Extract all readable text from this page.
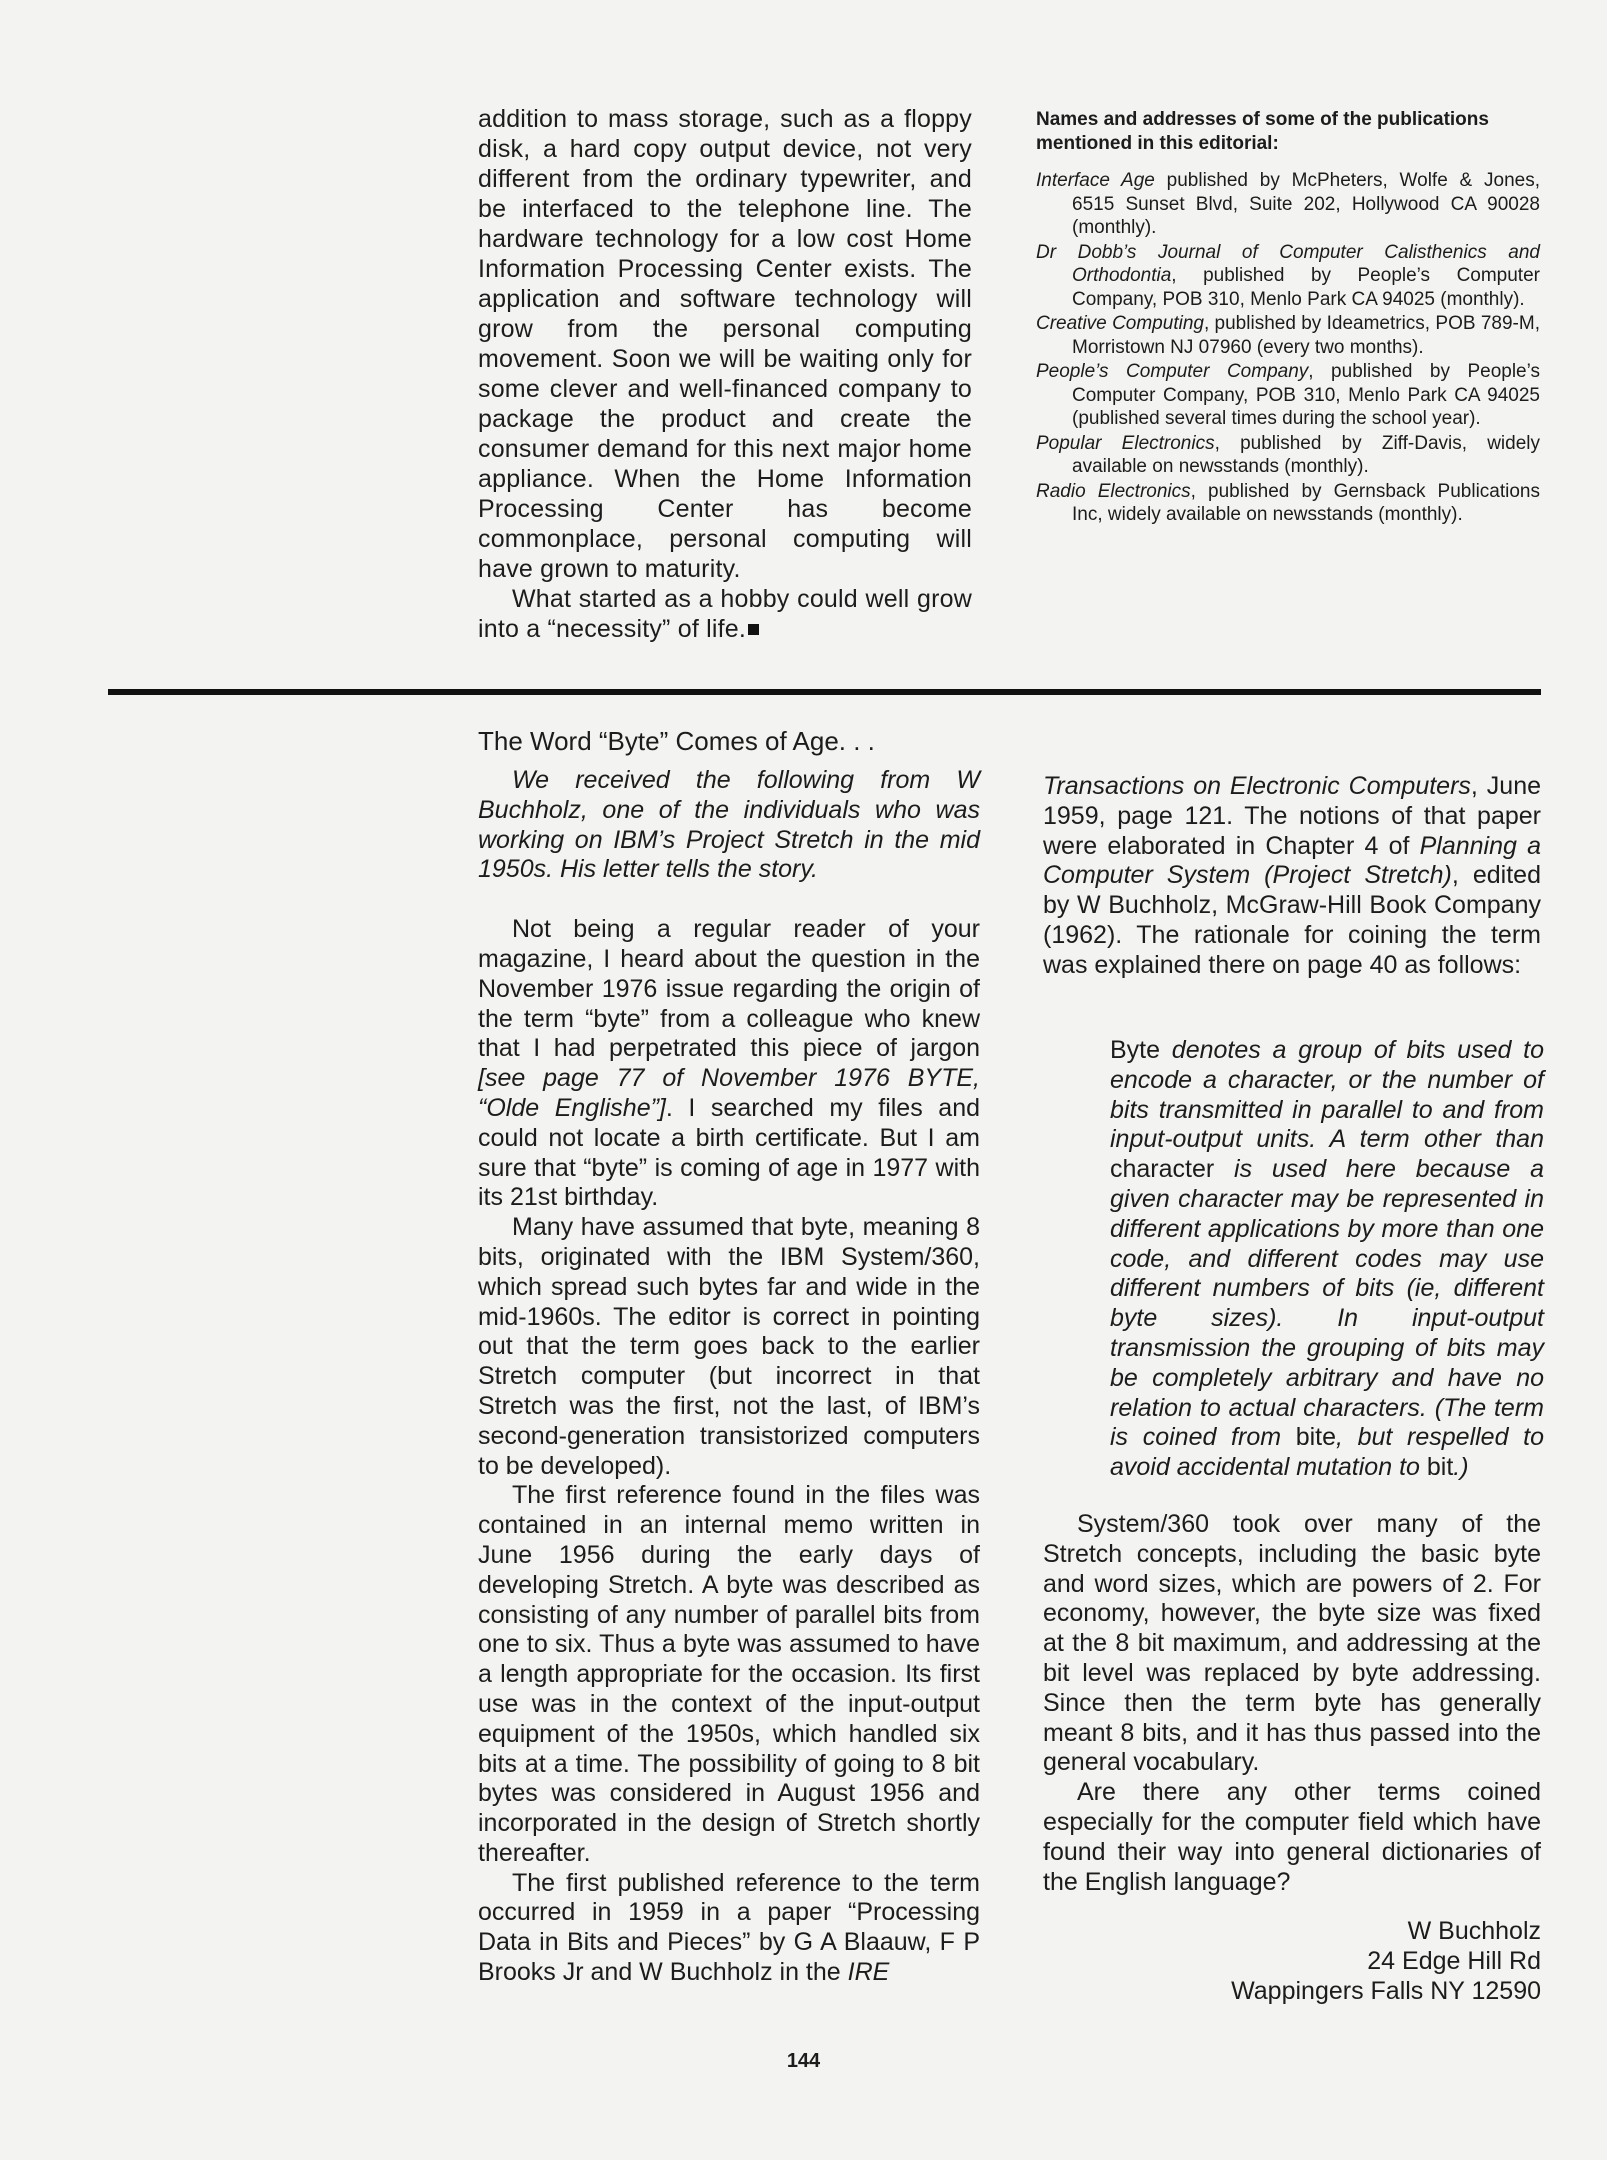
addition to mass storage, such as a floppy disk, a hard copy output device, not very different from the ordinary typewriter, and be interfaced to the telephone line. The hardware technology for a low cost Home Information Processing Center exists. The application and software technology will grow from the personal computing movement. Soon we will be waiting only for some clever and well-financed company to package the product and create the consumer demand for this next major home appliance. When the Home Information Processing Center has become commonplace, personal computing will have grown to maturity.

What started as a hobby could well grow into a “necessity” of life.

Names and addresses of some of the publications mentioned in this editorial:
Interface Age published by McPheters, Wolfe & Jones, 6515 Sunset Blvd, Suite 202, Hollywood CA 90028 (monthly).
Dr Dobb’s Journal of Computer Calisthenics and Orthodontia, published by People’s Computer Company, POB 310, Menlo Park CA 94025 (monthly).
Creative Computing, published by Ideametrics, POB 789-M, Morristown NJ 07960 (every two months).
People’s Computer Company, published by People’s Computer Company, POB 310, Menlo Park CA 94025 (published several times during the school year).
Popular Electronics, published by Ziff-Davis, widely available on newsstands (monthly).
Radio Electronics, published by Gernsback Publications Inc, widely available on newsstands (monthly).
The Word “Byte” Comes of Age. . .

We received the following from W Buchholz, one of the individuals who was working on IBM’s Project Stretch in the mid 1950s. His letter tells the story.

Not being a regular reader of your magazine, I heard about the question in the November 1976 issue regarding the origin of the term “byte” from a colleague who knew that I had perpetrated this piece of jargon [see page 77 of November 1976 BYTE, “Olde Englishe”]. I searched my files and could not locate a birth certificate. But I am sure that “byte” is coming of age in 1977 with its 21st birthday.

Many have assumed that byte, meaning 8 bits, originated with the IBM System/360, which spread such bytes far and wide in the mid-1960s. The editor is correct in pointing out that the term goes back to the earlier Stretch computer (but incorrect in that Stretch was the first, not the last, of IBM’s second-generation transistorized computers to be developed).

The first reference found in the files was contained in an internal memo written in June 1956 during the early days of developing Stretch. A byte was described as consisting of any number of parallel bits from one to six. Thus a byte was assumed to have a length appropriate for the occasion. Its first use was in the context of the input-output equipment of the 1950s, which handled six bits at a time. The possibility of going to 8 bit bytes was considered in August 1956 and incorporated in the design of Stretch shortly thereafter.

The first published reference to the term occurred in 1959 in a paper “Processing Data in Bits and Pieces” by G A Blaauw, F P Brooks Jr and W Buchholz in the IRE

Transactions on Electronic Computers, June 1959, page 121. The notions of that paper were elaborated in Chapter 4 of Planning a Computer System (Project Stretch), edited by W Buchholz, McGraw-Hill Book Company (1962). The rationale for coining the term was explained there on page 40 as follows:

Byte denotes a group of bits used to encode a character, or the number of bits transmitted in parallel to and from input-output units. A term other than character is used here because a given character may be represented in different applications by more than one code, and different codes may use different numbers of bits (ie, different byte sizes). In input-output transmission the grouping of bits may be completely arbitrary and have no relation to actual characters. (The term is coined from bite, but respelled to avoid accidental mutation to bit.)

System/360 took over many of the Stretch concepts, including the basic byte and word sizes, which are powers of 2. For economy, however, the byte size was fixed at the 8 bit maximum, and addressing at the bit level was replaced by byte addressing. Since then the term byte has generally meant 8 bits, and it has thus passed into the general vocabulary.

Are there any other terms coined especially for the computer field which have found their way into general dictionaries of the English language?

W Buchholz
24 Edge Hill Rd
Wappingers Falls NY 12590
144
